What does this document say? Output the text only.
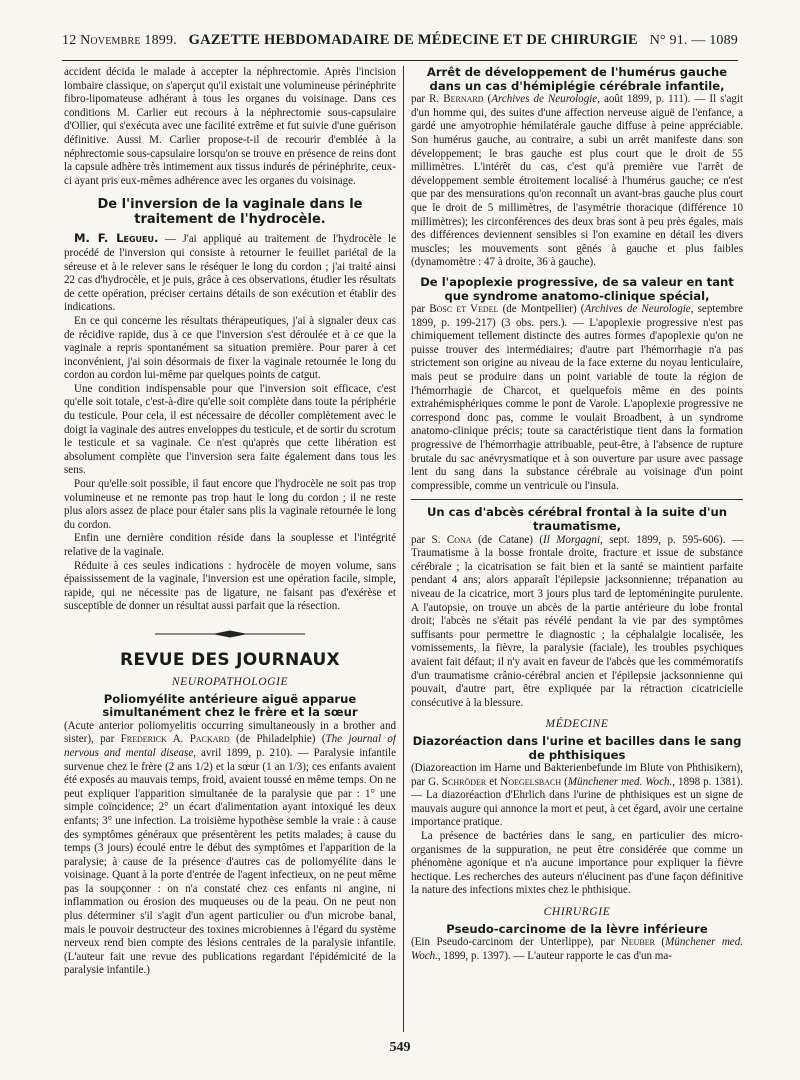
12 Novembre 1899. GAZETTE HEBDOMADAIRE DE MÉDECINE ET DE CHIRURGIE N° 91. — 1089

accident décida le malade à accepter la néphrectomie. Après l'incision lombaire classique, on s'aperçut qu'il existait une volumineuse périnéphrite fibro-lipomateuse adhérant à tous les organes du voisinage. Dans ces conditions M. Carlier eut recours à la néphrectomie sous-capsulaire d'Ollier, qui s'exécuta avec une facilité extrême et fut suivie d'une guérison définitive. Aussi M. Carlier propose-t-il de recourir d'emblée à la néphrectomie sous-capsulaire lorsqu'on se trouve en présence de reins dont la capsule adhère très intimement aux tissus indurés de périnéphrite, ceux-ci ayant pris eux-mêmes adhérence avec les organes du voisinage.

De l'inversion de la vaginale dans le traitement de l'hydrocèle.

M. F. Legueu. — J'ai appliqué au traitement de l'hydrocèle le procédé de l'inversion qui consiste à retourner le feuillet pariétal de la séreuse et à le relever sans le réséquer le long du cordon ; j'ai traité ainsi 22 cas d'hydrocèle, et je puis, grâce à ces observations, étudier les résultats de cette opération, préciser certains détails de son exécution et établir des indications.

En ce qui concerne les résultats thérapeutiques, j'ai à signaler deux cas de récidive rapide, dus à ce que l'inversion s'est déroulée et à ce que la vaginale a repris spontanément sa situation première. Pour parer à cet inconvénient, j'ai soin désormais de fixer la vaginale retournée le long du cordon au cordon lui-même par quelques points de catgut.

Une condition indispensable pour que l'inversion soit efficace, c'est qu'elle soit totale, c'est-à-dire qu'elle soit complète dans toute la périphérie du testicule. Pour cela, il est nécessaire de décoller complètement avec le doigt la vaginale des autres enveloppes du testicule, et de sortir du scrotum le testicule et sa vaginale. Ce n'est qu'après que cette libération est absolument complète que l'inversion sera faite également dans tous les sens.

Pour qu'elle soit possible, il faut encore que l'hydrocèle ne soit pas trop volumineuse et ne remonte pas trop haut le long du cordon ; il ne reste plus alors assez de place pour étaler sans plis la vaginale retournée le long du cordon.

Enfin une dernière condition réside dans la souplesse et l'intégrité relative de la vaginale.

Réduite à ces seules indications : hydrocèle de moyen volume, sans épaississement de la vaginale, l'inversion est une opération facile, simple, rapide, qui ne nécessite pas de ligature, ne faisant pas d'exérèse et susceptible de donner un résultat aussi parfait que la résection.

REVUE DES JOURNAUX
NEUROPATHOLOGIE

Poliomyélite antérieure aiguë apparue simultanément chez le frère et la sœur
(Acute anterior poliomyelitis occurring simultaneously in a brother and sister), par Frederick A. Packard (de Philadelphie) (The journal of nervous and mental disease, avril 1899, p. 210). — Paralysie infantile survenue chez le frère (2 ans 1/2) et la sœur (1 an 1/3); ces enfants avaient été exposés au mauvais temps, froid, avaient toussé en même temps. On ne peut expliquer l'apparition simultanée de la paralysie que par : 1° une simple coïncidence; 2° un écart d'alimentation ayant intoxiqué les deux enfants; 3° une infection. La troisième hypothèse semble la vraie : à cause des symptômes généraux que présentèrent les petits malades; à cause du temps (3 jours) écoulé entre le début des symptômes et l'apparition de la paralysie; à cause de la présence d'autres cas de poliomyélite dans le voisinage. Quant à la porte d'entrée de l'agent infectieux, on ne peut même pas la soupçonner : on n'a constaté chez ces enfants ni angine, ni inflammation ou érosion des muqueuses ou de la peau. On ne peut non plus déterminer s'il s'agit d'un agent particulier ou d'un microbe banal, mais le pouvoir destructeur des toxines microbiennes à l'égard du système nerveux rend bien compte des lésions centrales de la paralysie infantile. (L'auteur fait une revue des publications regardant l'épidémicité de la paralysie infantile.)

Arrêt de développement de l'humérus gauche dans un cas d'hémiplégie cérébrale infantile,
par R. Bernard (Archives de Neurologie, août 1899, p. 111). — Il s'agit d'un homme qui, des suites d'une affection nerveuse aiguë de l'enfance, a gardé une amyotrophie hémilatérale gauche diffuse à peine appréciable. Son humérus gauche, au contraire, a subi un arrêt manifeste dans son développement; le bras gauche est plus court que le droit de 55 millimètres. L'intérêt du cas, c'est qu'à première vue l'arrêt de développement semble étroitement localisé à l'humérus gauche; ce n'est que par des mensurations qu'on reconnaît un avant-bras gauche plus court que le droit de 5 millimètres, de l'asymétrie thoracique (différence 10 millimètres); les circonférences des deux bras sont à peu près égales, mais des différences deviennent sensibles si l'on examine en détail les divers muscles; les mouvements sont gênés à gauche et plus faibles (dynamomètre : 47 à droite, 36 à gauche).

De l'apoplexie progressive, de sa valeur en tant que syndrome anatomo-clinique spécial,
par Bosc et Vedel (de Montpellier) (Archives de Neurologie, septembre 1899, p. 199-217) (3 obs. pers.). — L'apoplexie progressive n'est pas chimiquement tellement distincte des autres formes d'apoplexie qu'on ne puisse trouver des intermédiaires; d'autre part l'hémorrhagie n'a pas strictement son origine au niveau de la face externe du noyau lenticulaire, mais peut se produire dans un point variable de toute la région de l'hémorrhagie de Charcot, et quelquefois même en des points extrahémisphériques comme le pont de Varole. L'apoplexie progressive ne correspond donc pas, comme le voulait Broadbent, à un syndrome anatomo-clinique précis; toute sa caractéristique tient dans la formation progressive de l'hémorrhagie attribuable, peut-être, à l'absence de rupture brutale du sac anévrysmatique et à son ouverture par usure avec passage lent du sang dans la substance cérébrale au voisinage d'un point compressible, comme un ventricule ou l'insula.

Un cas d'abcès cérébral frontal à la suite d'un traumatisme,
par S. Cona (de Catane) (Il Morgagni, sept. 1899, p. 595-606). — Traumatisme à la bosse frontale droite, fracture et issue de substance cérébrale ; la cicatrisation se fait bien et la santé se maintient parfaite pendant 4 ans; alors apparaît l'épilepsie jacksonnienne; trépanation au niveau de la cicatrice, mort 3 jours plus tard de leptoméningite purulente. A l'autopsie, on trouve un abcès de la partie antérieure du lobe frontal droit; l'abcès ne s'était pas révélé pendant la vie par des symptômes suffisants pour permettre le diagnostic ; la céphalalgie localisée, les vomissements, la fièvre, la paralysie (faciale), les troubles psychiques avaient fait défaut; il n'y avait en faveur de l'abcès que les commémoratifs d'un traumatisme crânio-cérébral ancien et l'épilepsie jacksonnienne qui pouvait, d'autre part, être expliquée par la rétraction cicatricielle consécutive à la blessure.

MÉDECINE

Diazoréaction dans l'urine et bacilles dans le sang de phthisiques
(Diazoreaction im Harne und Bakterienbefunde im Blute von Phthisikern), par G. Schröder et Noegelsbach (Münchener med. Woch., 1898 p. 1381). — La diazoréaction d'Ehrlich dans l'urine de phthisiques est un signe de mauvais augure qui annonce la mort et peut, à cet égard, avoir une certaine importance pratique.

La présence de bactéries dans le sang, en particulier des micro-organismes de la suppuration, ne peut être considérée que comme un phénomène agonique et n'a aucune importance pour expliquer la fièvre hectique. Les recherches des auteurs n'élucinent pas d'une façon définitive la nature des infections mixtes chez le phthisique.

CHIRURGIE

Pseudo-carcinome de la lèvre inférieure
(Ein Pseudo-carcinom der Unterlippe), par Neuber (Münchener med. Woch., 1899, p. 1397). — L'auteur rapporte le cas d'un ma-

549
